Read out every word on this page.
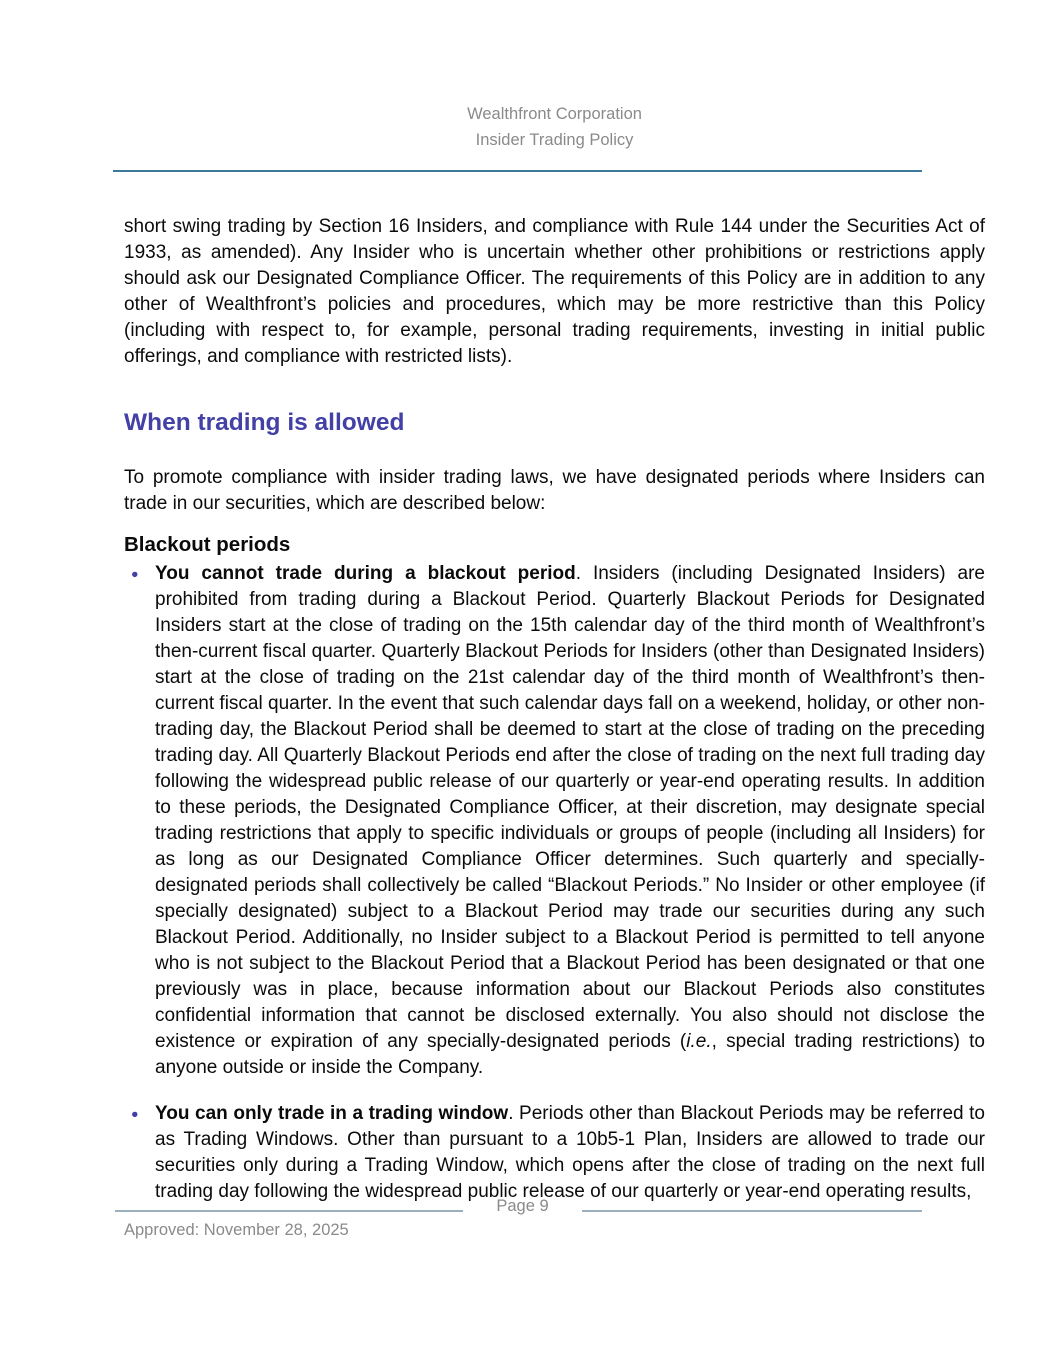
Wealthfront Corporation
Insider Trading Policy

short swing trading by Section 16 Insiders, and compliance with Rule 144 under the Securities Act of 1933, as amended). Any Insider who is uncertain whether other prohibitions or restrictions apply should ask our Designated Compliance Officer. The requirements of this Policy are in addition to any other of Wealthfront’s policies and procedures, which may be more restrictive than this Policy (including with respect to, for example, personal trading requirements, investing in initial public offerings, and compliance with restricted lists).

When trading is allowed

To promote compliance with insider trading laws, we have designated periods where Insiders can trade in our securities, which are described below:

Blackout periods
● You cannot trade during a blackout period. Insiders (including Designated Insiders) are prohibited from trading during a Blackout Period. Quarterly Blackout Periods for Designated Insiders start at the close of trading on the 15th calendar day of the third month of Wealthfront’s then-current fiscal quarter. Quarterly Blackout Periods for Insiders (other than Designated Insiders) start at the close of trading on the 21st calendar day of the third month of Wealthfront’s then-current fiscal quarter. In the event that such calendar days fall on a weekend, holiday, or other non-trading day, the Blackout Period shall be deemed to start at the close of trading on the preceding trading day. All Quarterly Blackout Periods end after the close of trading on the next full trading day following the widespread public release of our quarterly or year-end operating results. In addition to these periods, the Designated Compliance Officer, at their discretion, may designate special trading restrictions that apply to specific individuals or groups of people (including all Insiders) for as long as our Designated Compliance Officer determines. Such quarterly and specially-designated periods shall collectively be called “Blackout Periods.” No Insider or other employee (if specially designated) subject to a Blackout Period may trade our securities during any such Blackout Period. Additionally, no Insider subject to a Blackout Period is permitted to tell anyone who is not subject to the Blackout Period that a Blackout Period has been designated or that one previously was in place, because information about our Blackout Periods also constitutes confidential information that cannot be disclosed externally. You also should not disclose the existence or expiration of any specially-designated periods (i.e., special trading restrictions) to anyone outside or inside the Company.
● You can only trade in a trading window. Periods other than Blackout Periods may be referred to as Trading Windows. Other than pursuant to a 10b5-1 Plan, Insiders are allowed to trade our securities only during a Trading Window, which opens after the close of trading on the next full trading day following the widespread public release of our quarterly or year-end operating results,
Page 9
Approved: November 28, 2025
